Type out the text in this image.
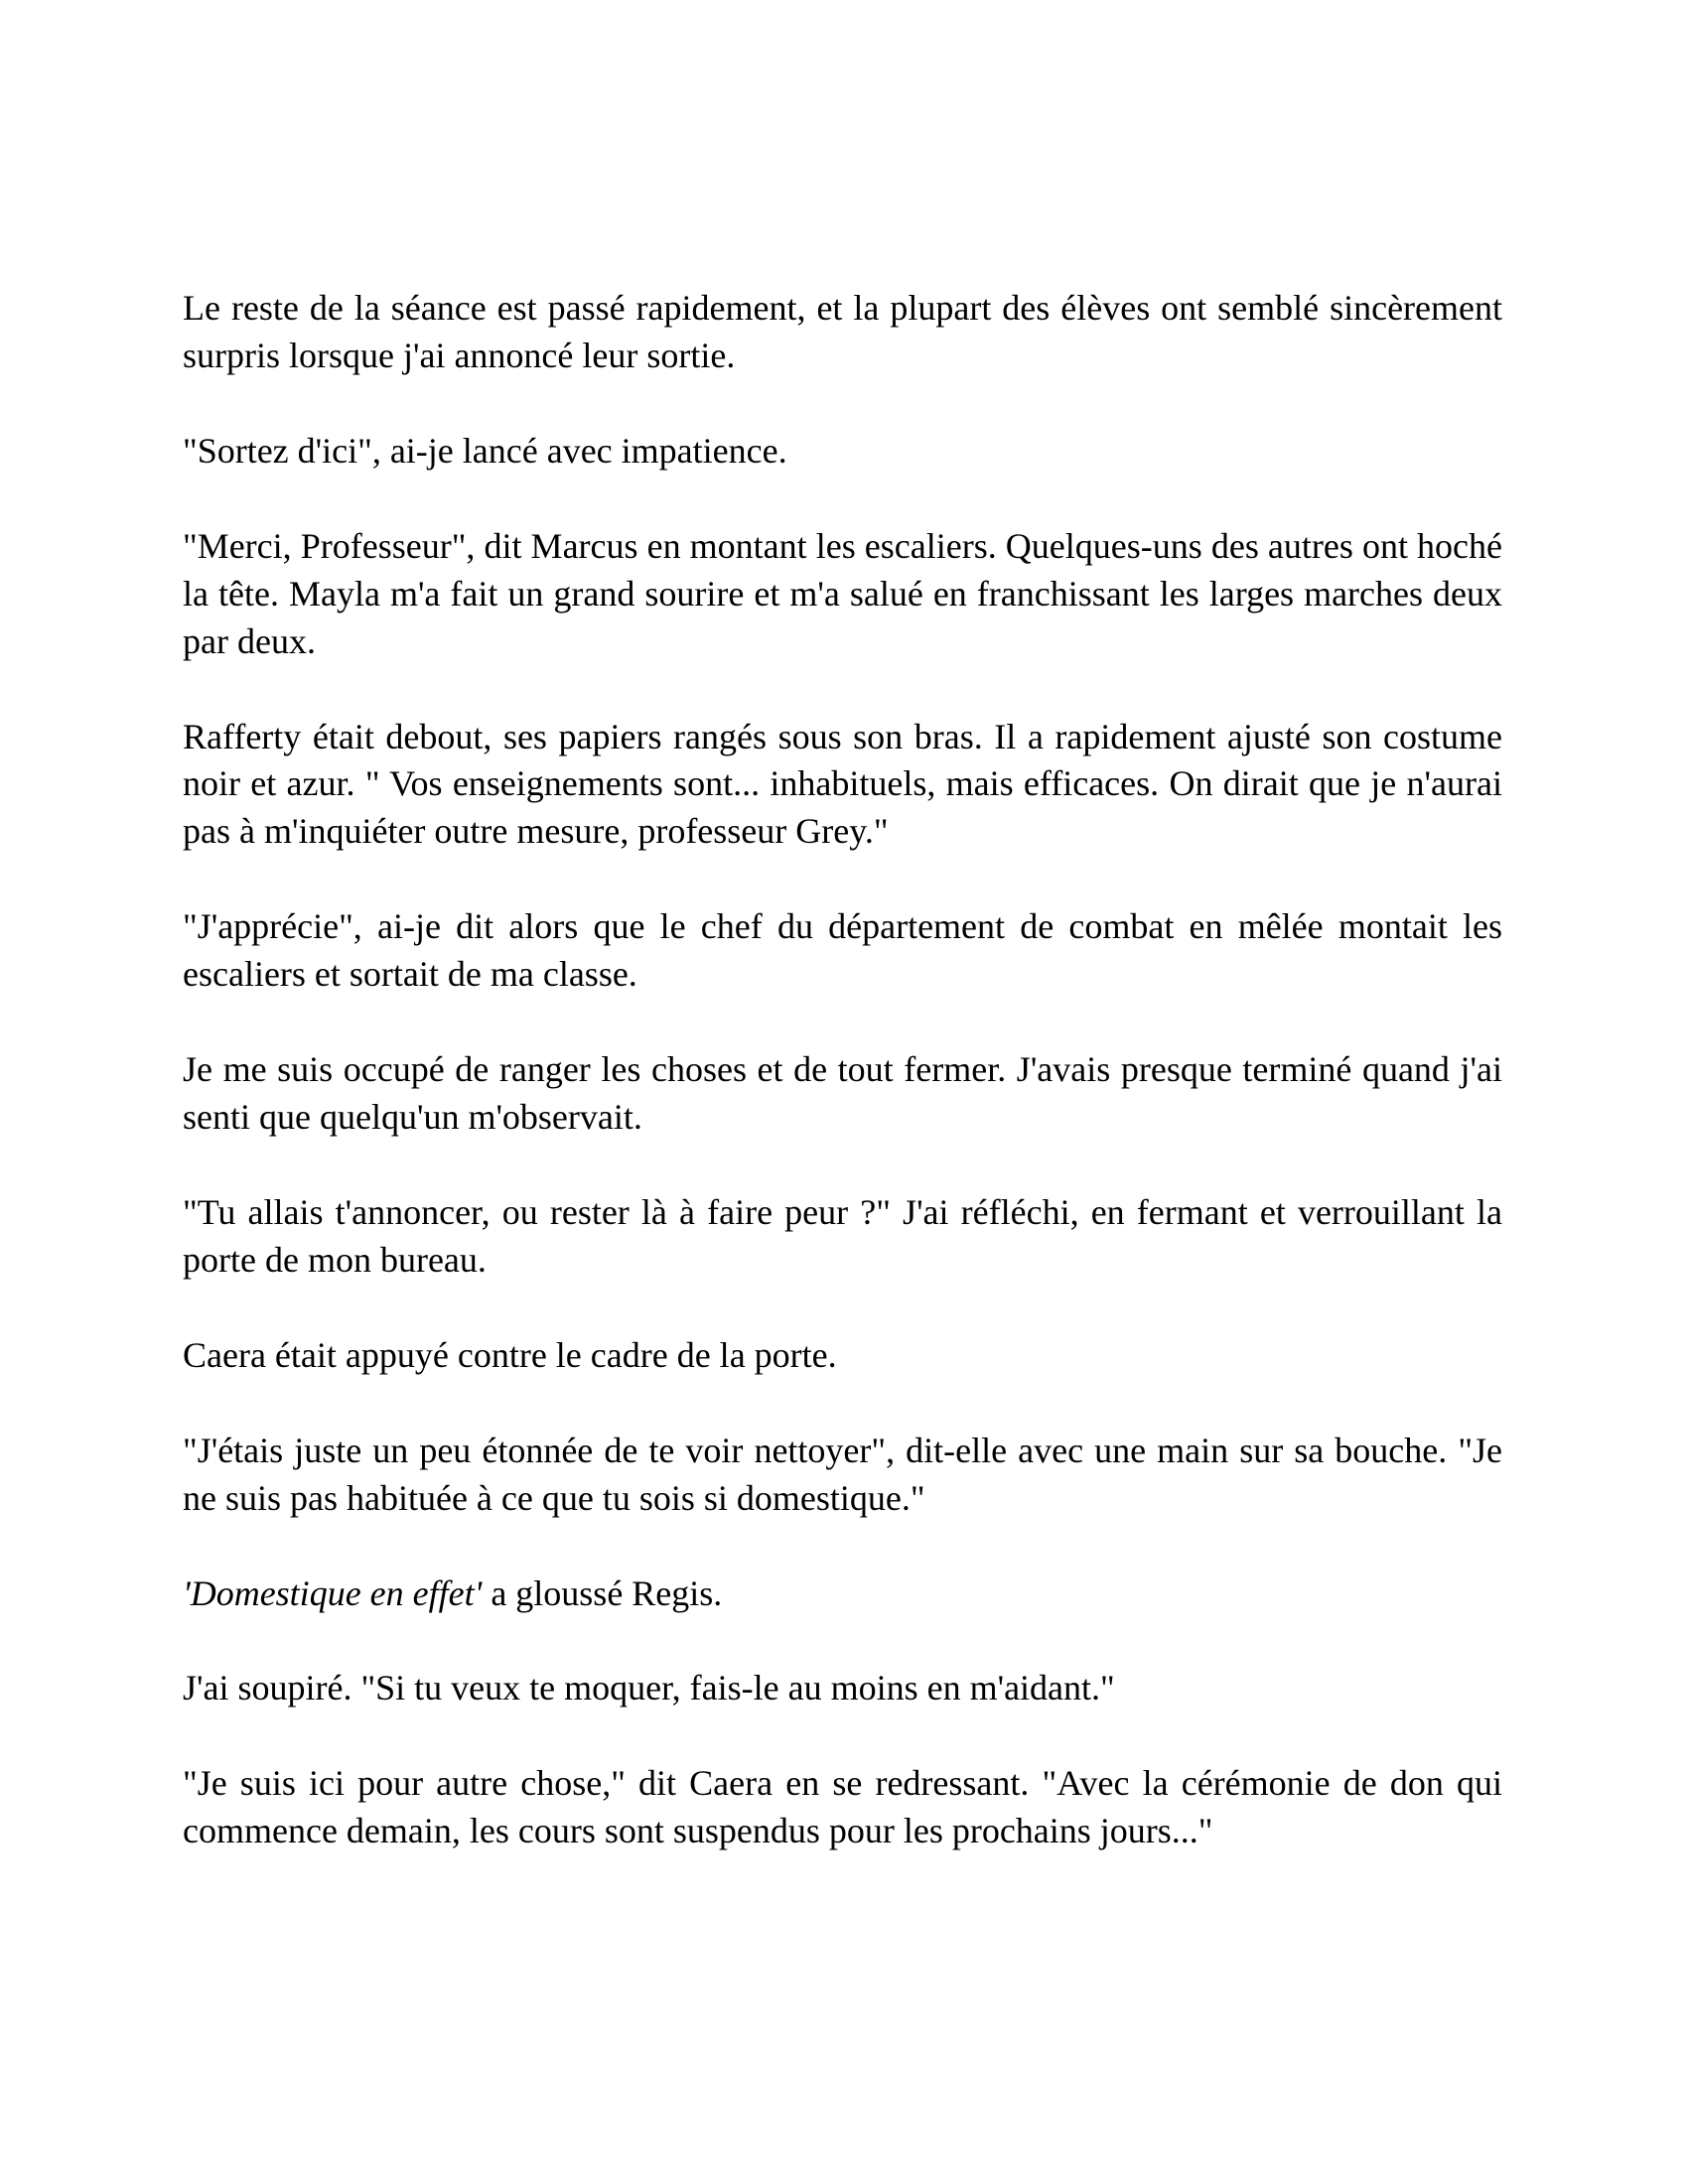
Le reste de la séance est passé rapidement, et la plupart des élèves ont semblé sincèrement surpris lorsque j'ai annoncé leur sortie.

"Sortez d'ici", ai-je lancé avec impatience.

"Merci, Professeur", dit Marcus en montant les escaliers. Quelques-uns des autres ont hoché la tête. Mayla m'a fait un grand sourire et m'a salué en franchissant les larges marches deux par deux.

Rafferty était debout, ses papiers rangés sous son bras. Il a rapidement ajusté son costume noir et azur. " Vos enseignements sont... inhabituels, mais efficaces. On dirait que je n'aurai pas à m'inquiéter outre mesure, professeur Grey."

"J'apprécie", ai-je dit alors que le chef du département de combat en mêlée montait les escaliers et sortait de ma classe.

Je me suis occupé de ranger les choses et de tout fermer. J'avais presque terminé quand j'ai senti que quelqu'un m'observait.

"Tu allais t'annoncer, ou rester là à faire peur ?" J'ai réfléchi, en fermant et verrouillant la porte de mon bureau.

Caera était appuyé contre le cadre de la porte.

"J'étais juste un peu étonnée de te voir nettoyer", dit-elle avec une main sur sa bouche. "Je ne suis pas habituée à ce que tu sois si domestique."

'Domestique en effet' a gloussé Regis.

J'ai soupiré. "Si tu veux te moquer, fais-le au moins en m'aidant."

"Je suis ici pour autre chose," dit Caera en se redressant. "Avec la cérémonie de don qui commence demain, les cours sont suspendus pour les prochains jours..."
